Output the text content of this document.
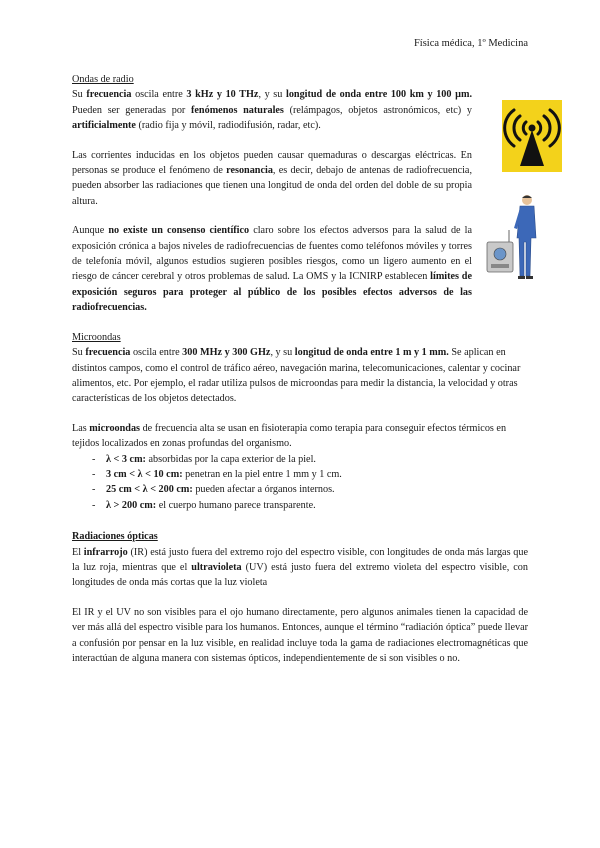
Física médica, 1º Medicina
Ondas de radio

Su frecuencia oscila entre 3 kHz y 10 THz, y su longitud de onda entre 100 km y 100 µm. Pueden ser generadas por fenómenos naturales (relámpagos, objetos astronómicos, etc) y artificialmente (radio fija y móvil, radiodifusión, radar, etc).

Las corrientes inducidas en los objetos pueden causar quemaduras o descargas eléctricas. En personas se produce el fenómeno de resonancia, es decir, debajo de antenas de radiofrecuencia, pueden absorber las radiaciones que tienen una longitud de onda del orden del doble de su propia altura.

Aunque no existe un consenso científico claro sobre los efectos adversos para la salud de la exposición crónica a bajos niveles de radiofrecuencias de fuentes como teléfonos móviles y torres de telefonía móvil, algunos estudios sugieren posibles riesgos, como un ligero aumento en el riesgo de cáncer cerebral y otros problemas de salud. La OMS y la ICNIRP establecen límites de exposición seguros para proteger al público de los posibles efectos adversos de las radiofrecuencias.

Microondas

Su frecuencia oscila entre 300 MHz y 300 GHz, y su longitud de onda entre 1 m y 1 mm. Se aplican en distintos campos, como el control de tráfico aéreo, navegación marina, telecomunicaciones, calentar y cocinar alimentos, etc. Por ejemplo, el radar utiliza pulsos de microondas para medir la distancia, la velocidad y otras características de los objetos detectados.

Las microondas de frecuencia alta se usan en fisioterapia como terapia para conseguir efectos térmicos en tejidos localizados en zonas profundas del organismo.

- λ < 3 cm: absorbidas por la capa exterior de la piel.
- 3 cm < λ < 10 cm: penetran en la piel entre 1 mm y 1 cm.
- 25 cm < λ < 200 cm: pueden afectar a órganos internos.
- λ > 200 cm: el cuerpo humano parece transparente.
Radiaciones ópticas

El infrarrojo (IR) está justo fuera del extremo rojo del espectro visible, con longitudes de onda más largas que la luz roja, mientras que el ultravioleta (UV) está justo fuera del extremo violeta del espectro visible, con longitudes de onda más cortas que la luz violeta

El IR y el UV no son visibles para el ojo humano directamente, pero algunos animales tienen la capacidad de ver más allá del espectro visible para los humanos. Entonces, aunque el término “radiación óptica” puede llevar a confusión por pensar en la luz visible, en realidad incluye toda la gama de radiaciones electromagnéticas que interactúan de alguna manera con sistemas ópticos, independientemente de si son visibles o no.
